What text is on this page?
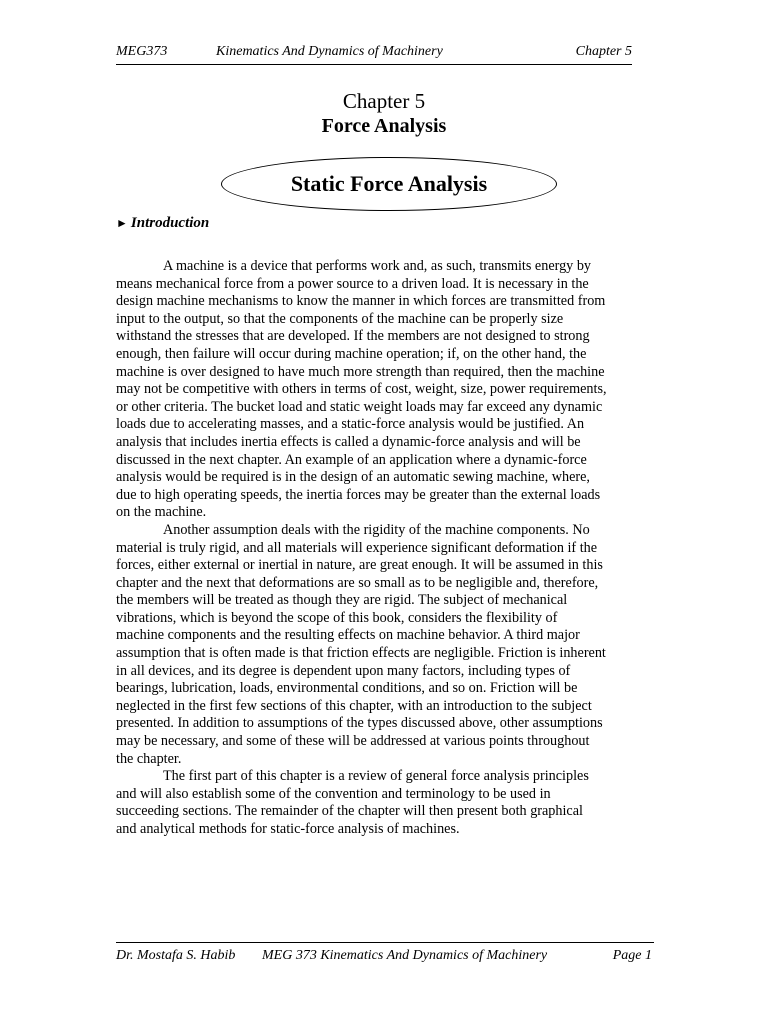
MEG373	Kinematics And Dynamics of Machinery	Chapter 5
Chapter 5
Force Analysis
Static Force Analysis
► Introduction

A machine is a device that performs work and, as such, transmits energy by
means mechanical force from a power source to a driven load. It is necessary in the
design machine mechanisms to know the manner in which forces are transmitted from
input to the output, so that the components of the machine can be properly size
withstand the stresses that are developed. If the members are not designed to strong
enough, then failure will occur during machine operation; if, on the other hand, the
machine is over designed to have much more strength than required, then the machine
may not be competitive with others in terms of cost, weight, size, power requirements,
or other criteria. The bucket load and static weight loads may far exceed any dynamic
loads due to accelerating masses, and a static-force analysis would be justified. An
analysis that includes inertia effects is called a dynamic-force analysis and will be
discussed in the next chapter. An example of an application where a dynamic-force
analysis would be required is in the design of an automatic sewing machine, where,
due to high operating speeds, the inertia forces may be greater than the external loads
on the machine.

Another assumption deals with the rigidity of the machine components. No
material is truly rigid, and all materials will experience significant deformation if the
forces, either external or inertial in nature, are great enough. It will be assumed in this
chapter and the next that deformations are so small as to be negligible and, therefore,
the members will be treated as though they are rigid. The subject of mechanical
vibrations, which is beyond the scope of this book, considers the flexibility of
machine components and the resulting effects on machine behavior. A third major
assumption that is often made is that friction effects are negligible. Friction is inherent
in all devices, and its degree is dependent upon many factors, including types of
bearings, lubrication, loads, environmental conditions, and so on. Friction will be
neglected in the first few sections of this chapter, with an introduction to the subject
presented. In addition to assumptions of the types discussed above, other assumptions
may be necessary, and some of these will be addressed at various points throughout
the chapter.

The first part of this chapter is a review of general force analysis principles
and will also establish some of the convention and terminology to be used in
succeeding sections. The remainder of the chapter will then present both graphical
and analytical methods for static-force analysis of machines.

Dr. Mostafa S. Habib MEG 373 Kinematics And Dynamics of Machinery	Page 1
